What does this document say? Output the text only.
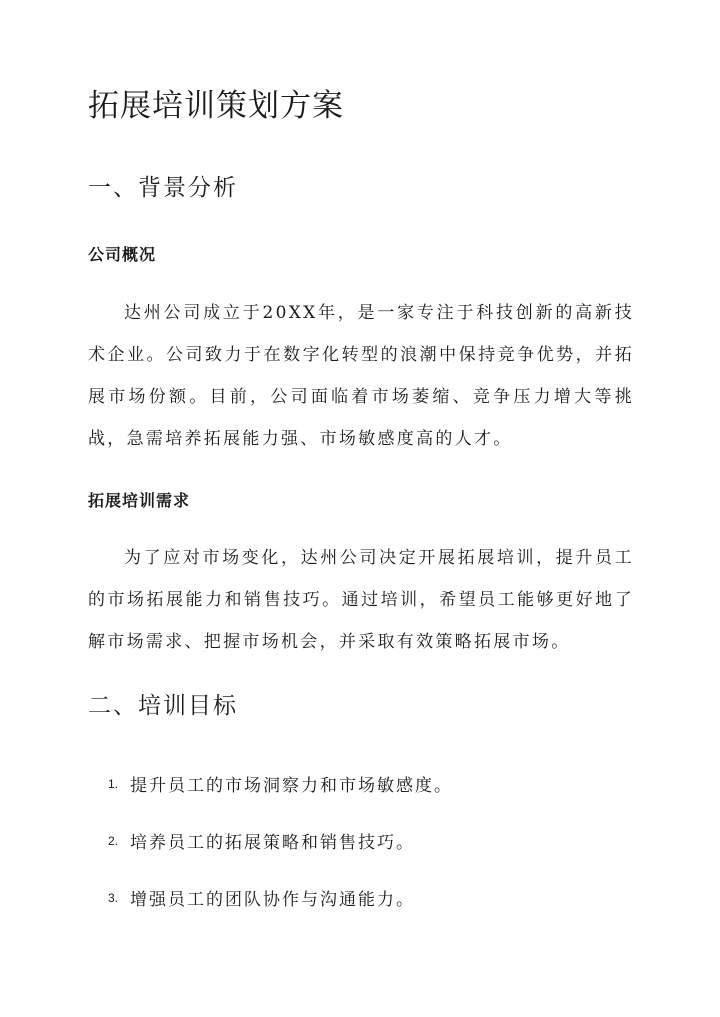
拓展培训策划方案
一、背景分析
公司概况

达州公司成立于20XX年，是一家专注于科技创新的高新技术企业。公司致力于在数字化转型的浪潮中保持竞争优势，并拓展市场份额。目前，公司面临着市场萎缩、竞争压力增大等挑战，急需培养拓展能力强、市场敏感度高的人才。

拓展培训需求

为了应对市场变化，达州公司决定开展拓展培训，提升员工的市场拓展能力和销售技巧。通过培训，希望员工能够更好地了解市场需求、把握市场机会，并采取有效策略拓展市场。

二、培训目标
1. 提升员工的市场洞察力和市场敏感度。
2. 培养员工的拓展策略和销售技巧。
3. 增强员工的团队协作与沟通能力。
